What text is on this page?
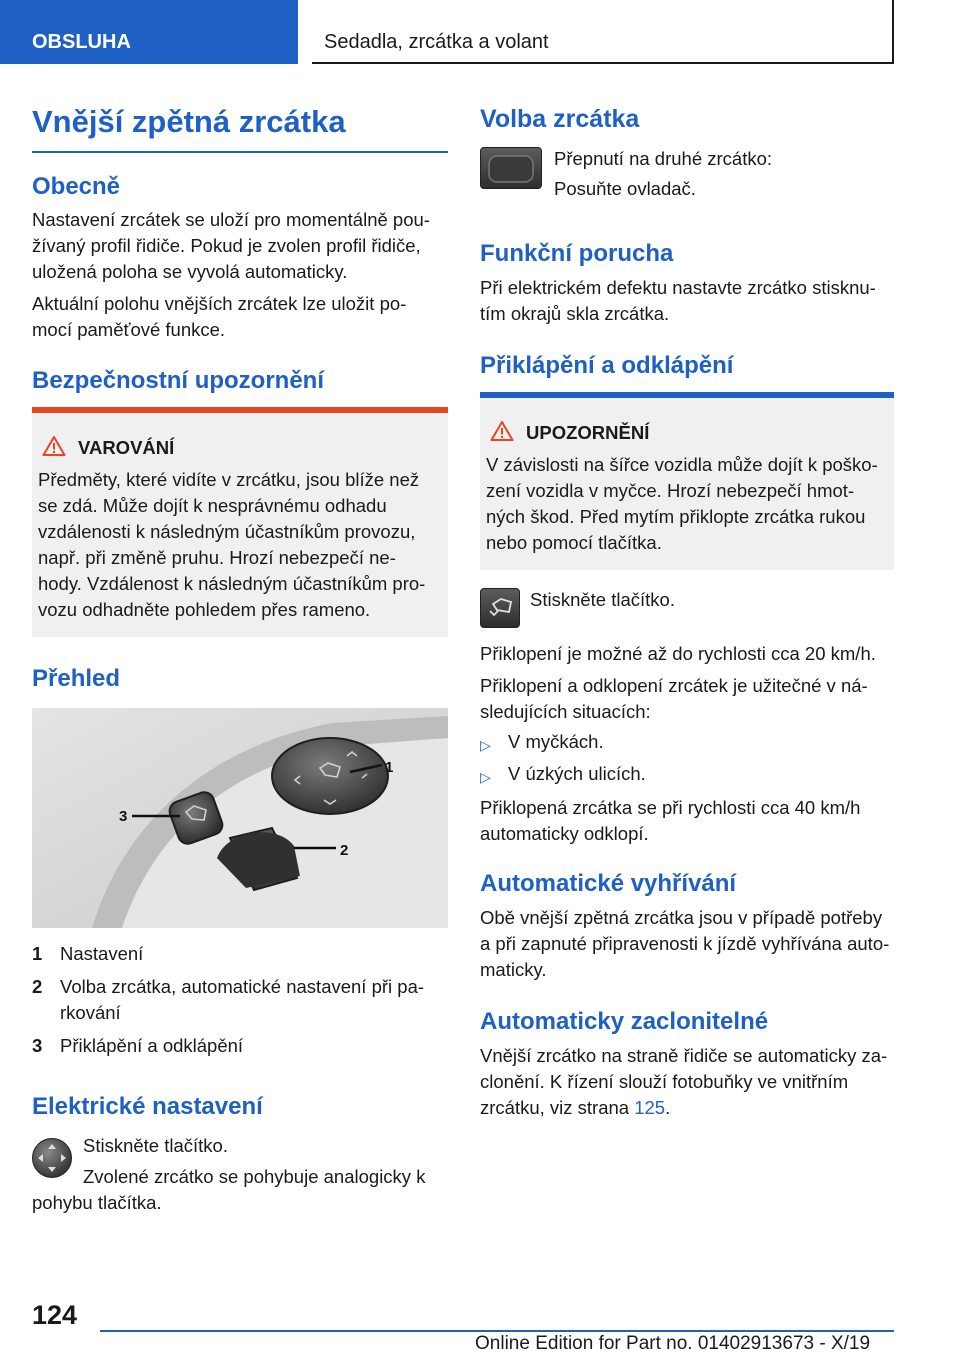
OBSLUHA	Sedadla, zrcátka a volant
Vnější zpětná zrcátka
Obecně

Nastavení zrcátek se uloží pro momentálně pou-

žívaný profil řidiče. Pokud je zvolen profil řidiče,

uložená poloha se vyvolá automaticky.

Aktuální polohu vnějších zrcátek lze uložit po-

mocí paměťové funkce.

Bezpečnostní upozornění
VAROVÁNÍ
Předměty, které vidíte v zrcátku, jsou blíže než
se zdá. Může dojít k nesprávnému odhadu
vzdálenosti k následným účastníkům provozu,
např. při změně pruhu. Hrozí nebezpečí ne-
hody. Vzdálenost k následným účastníkům pro-
vozu odhadněte pohledem přes rameno.
Přehled
1
2
3
1 Nastavení
2 Volba zrcátka, automatické nastavení při pa-
rkování
3 Přiklápění a odklápění
Elektrické nastavení
Stiskněte tlačítko.
Zvolené zrcátko se pohybuje analogicky k
pohybu tlačítka.
Volba zrcátka
Přepnutí na druhé zrcátko:
Posuňte ovladač.
Funkční porucha

Při elektrickém defektu nastavte zrcátko stisknu-

tím okrajů skla zrcátka.

Přiklápění a odklápění
UPOZORNĚNÍ
V závislosti na šířce vozidla může dojít k poško-
zení vozidla v myčce. Hrozí nebezpečí hmot-
ných škod. Před mytím přiklopte zrcátka rukou
nebo pomocí tlačítka.
Stiskněte tlačítko.

Přiklopení je možné až do rychlosti cca 20 km/h.

Přiklopení a odklopení zrcátek je užitečné v ná-

sledujících situacích:

▷ V myčkách.
▷ V úzkých ulicích.

Přiklopená zrcátka se při rychlosti cca 40 km/h

automaticky odklopí.

Automatické vyhřívání

Obě vnější zpětná zrcátka jsou v případě potřeby

a při zapnuté připravenosti k jízdě vyhřívána auto-

maticky.

Automaticky zaclonitelné

Vnější zrcátko na straně řidiče se automaticky za-

clonění. K řízení slouží fotobuňky ve vnitřním

zrcátku, viz strana 125.

124
Online Edition for Part no. 01402913673 - X/19
